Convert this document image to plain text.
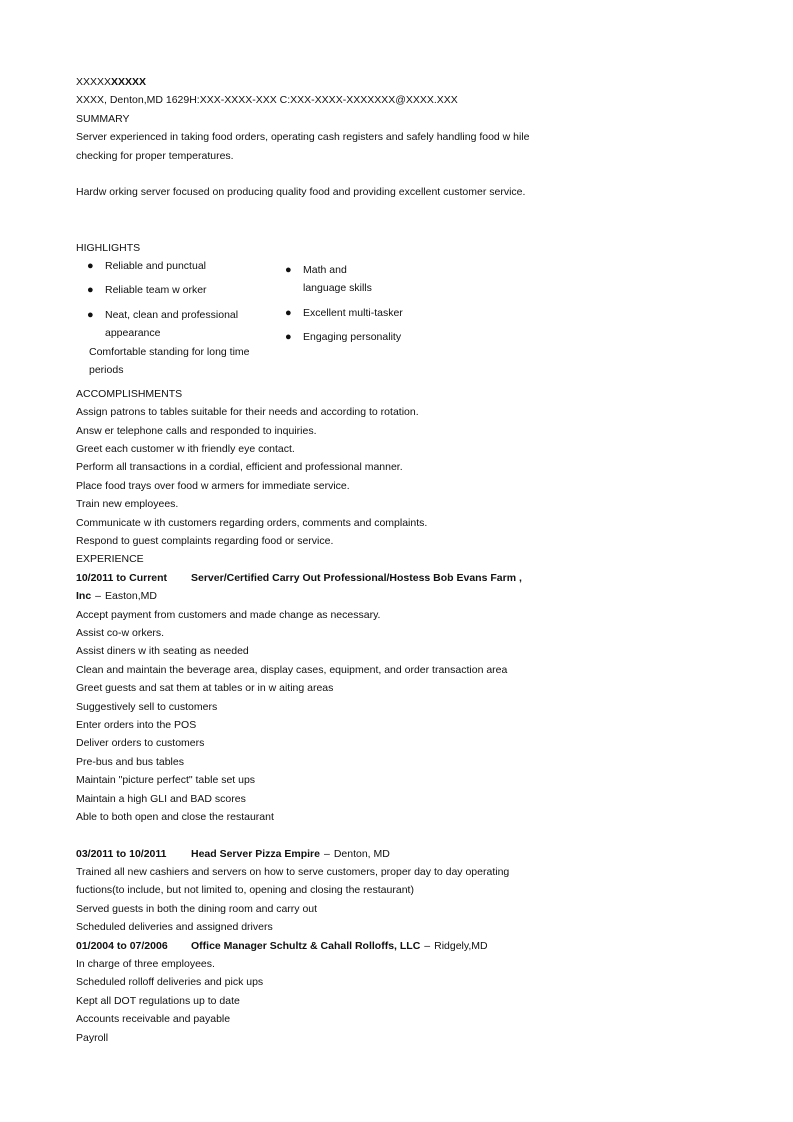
XXXXXXXXXX
XXXX, Denton,MD 1629H:XXX-XXXX-XXX C:XXX-XXXX-XXXXXXX@XXXX.XXX
SUMMARY
Server experienced in taking food orders, operating cash registers and safely handling food w hile
checking for proper temperatures.
Hardw orking server focused on producing quality food and providing excellent customer service.
HIGHLIGHTS
● Reliable and punctual
● Reliable team w orker
● Neat, clean and professional appearance
Comfortable standing for long time periods
● Math and language skills
● Excellent multi-tasker
● Engaging personality
ACCOMPLISHMENTS
Assign patrons to tables suitable for their needs and according to rotation.
Answ er telephone calls and responded to inquiries.
Greet each customer w ith friendly eye contact.
Perform all transactions in a cordial, efficient and professional manner.
Place food trays over food w armers for immediate service.
Train new employees.
Communicate w ith customers regarding orders, comments and complaints.
Respond to guest complaints regarding food or service.
EXPERIENCE
10/2011 to Current Server/Certified Carry Out Professional/Hostess Bob Evans Farm ,
Inc – Easton,MD
Accept payment from customers and made change as necessary.
Assist co-w orkers.
Assist diners w ith seating as needed
Clean and maintain the beverage area, display cases, equipment, and order transaction area
Greet guests and sat them at tables or in w aiting areas
Suggestively sell to customers
Enter orders into the POS
Deliver orders to customers
Pre-bus and bus tables
Maintain "picture perfect" table set ups
Maintain a high GLI and BAD scores
Able to both open and close the restaurant
03/2011 to 10/2011 Head Server Pizza Empire – Denton, MD
Trained all new cashiers and servers on how to serve customers, proper day to day operating
fuctions(to include, but not limited to, opening and closing the restaurant)
Served guests in both the dining room and carry out
Scheduled deliveries and assigned drivers
01/2004 to 07/2006 Office Manager Schultz & Cahall Rolloffs, LLC – Ridgely,MD
In charge of three employees.
Scheduled rolloff deliveries and pick ups
Kept all DOT regulations up to date
Accounts receivable and payable
Payroll
